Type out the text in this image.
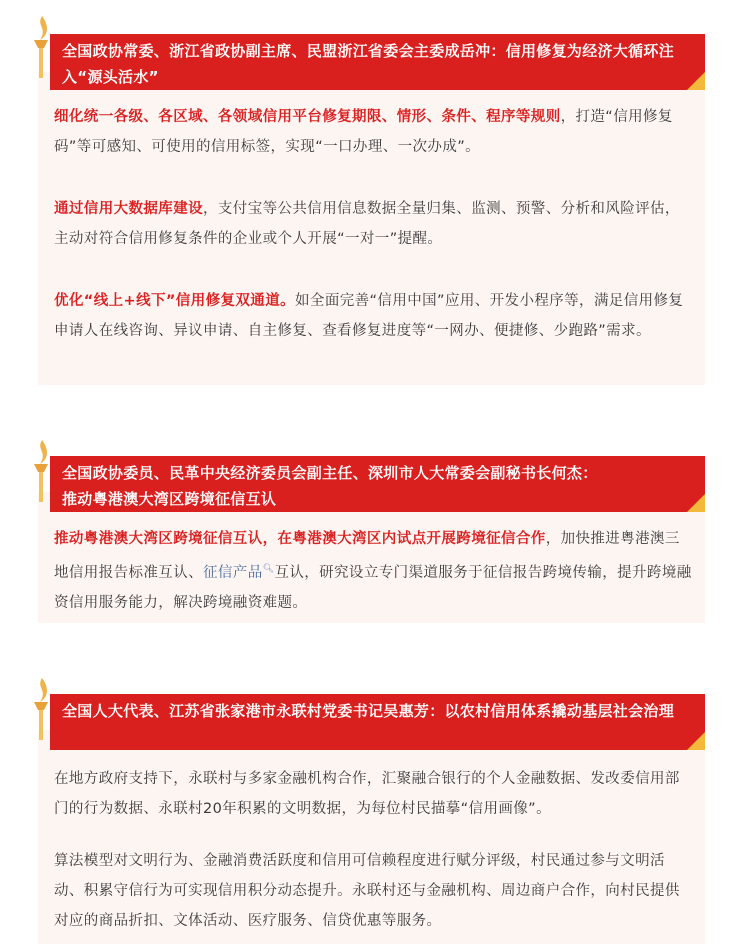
全国政协常委、浙江省政协副主席、民盟浙江省委会主委成岳冲：信用修复为经济大循环注入“源头活水”

细化统一各级、各区域、各领域信用平台修复期限、情形、条件、程序等规则，打造“信用修复码”等可感知、可使用的信用标签，实现“一口办理、一次办成”。

通过信用大数据库建设，支付宝等公共信用信息数据全量归集、监测、预警、分析和风险评估，主动对符合信用修复条件的企业或个人开展“一对一”提醒。

优化“线上+线下”信用修复双通道。如全面完善“信用中国”应用、开发小程序等，满足信用修复申请人在线咨询、异议申请、自主修复、查看修复进度等“一网办、便捷修、少跑路”需求。

全国政协委员、民革中央经济委员会副主任、深圳市人大常委会副秘书长何杰：
推动粤港澳大湾区跨境征信互认

推动粤港澳大湾区跨境征信互认，在粤港澳大湾区内试点开展跨境征信合作，加快推进粤港澳三地信用报告标准互认、征信产品🔍︎互认，研究设立专门渠道服务于征信报告跨境传输，提升跨境融资信用服务能力，解决跨境融资难题。

全国人大代表、江苏省张家港市永联村党委书记吴惠芳：以农村信用体系撬动基层社会治理

在地方政府支持下，永联村与多家金融机构合作，汇聚融合银行的个人金融数据、发改委信用部门的行为数据、永联村20年积累的文明数据，为每位村民描摹“信用画像”。

算法模型对文明行为、金融消费活跃度和信用可信赖程度进行赋分评级，村民通过参与文明活动、积累守信行为可实现信用积分动态提升。永联村还与金融机构、周边商户合作，向村民提供对应的商品折扣、文体活动、医疗服务、信贷优惠等服务。
